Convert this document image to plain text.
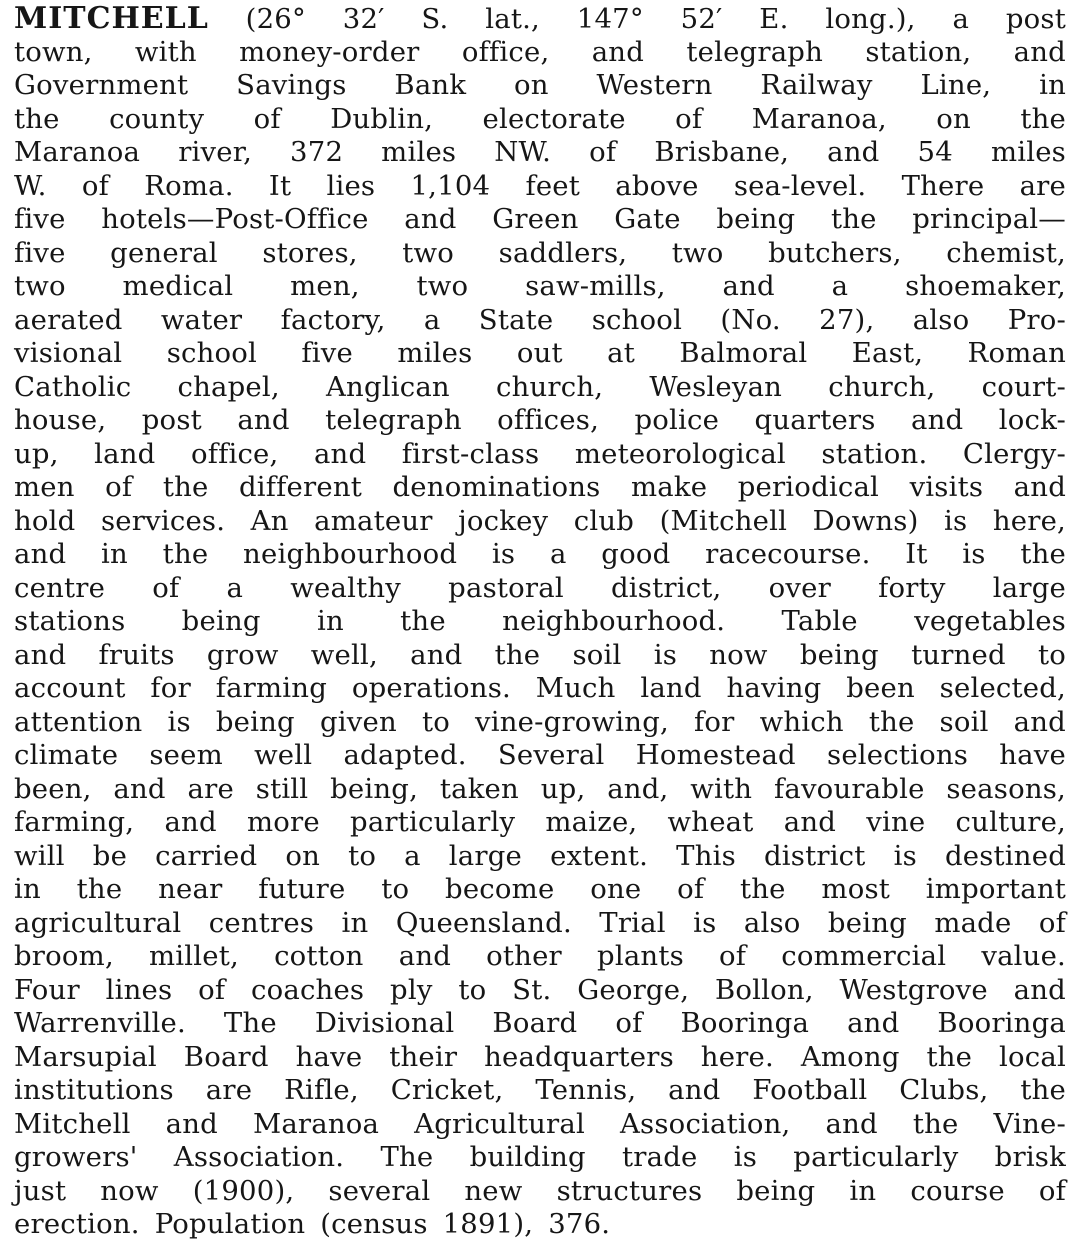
MITCHELL (26° 32′ S. lat., 147° 52′ E. long.), a post
town, with money-order office, and telegraph station, and
Government Savings Bank on Western Railway Line, in
the county of Dublin, electorate of Maranoa, on the
Maranoa river, 372 miles NW. of Brisbane, and 54 miles
W. of Roma. It lies 1,104 feet above sea-level. There are
five hotels—Post-Office and Green Gate being the principal—
five general stores, two saddlers, two butchers, chemist,
two medical men, two saw-mills, and a shoemaker,
aerated water factory, a State school (No. 27), also Pro-
visional school five miles out at Balmoral East, Roman
Catholic chapel, Anglican church, Wesleyan church, court-
house, post and telegraph offices, police quarters and lock-
up, land office, and first-class meteorological station. Clergy-
men of the different denominations make periodical visits and
hold services. An amateur jockey club (Mitchell Downs) is here,
and in the neighbourhood is a good racecourse. It is the
centre of a wealthy pastoral district, over forty large
stations being in the neighbourhood. Table vegetables
and fruits grow well, and the soil is now being turned to
account for farming operations. Much land having been selected,
attention is being given to vine-growing, for which the soil and
climate seem well adapted. Several Homestead selections have
been, and are still being, taken up, and, with favourable seasons,
farming, and more particularly maize, wheat and vine culture,
will be carried on to a large extent. This district is destined
in the near future to become one of the most important
agricultural centres in Queensland. Trial is also being made of
broom, millet, cotton and other plants of commercial value.
Four lines of coaches ply to St. George, Bollon, Westgrove and
Warrenville. The Divisional Board of Booringa and Booringa
Marsupial Board have their headquarters here. Among the local
institutions are Rifle, Cricket, Tennis, and Football Clubs, the
Mitchell and Maranoa Agricultural Association, and the Vine-
growers' Association. The building trade is particularly brisk
just now (1900), several new structures being in course of
erection. Population (census 1891), 376.
